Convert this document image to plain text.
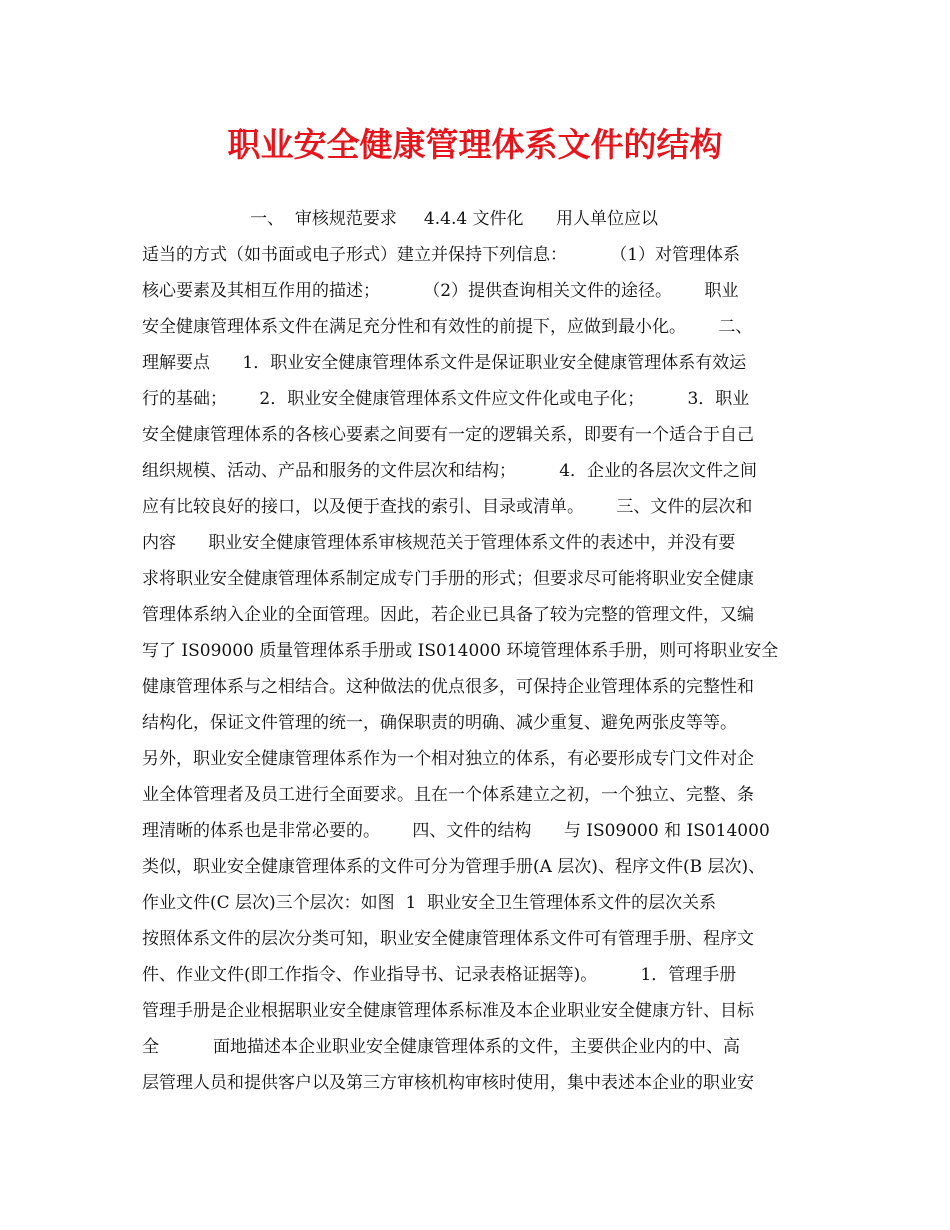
职业安全健康管理体系文件的结构
一、  审核规范要求     4.4.4 文件化      用人单位应以
适当的方式（如书面或电子形式）建立并保持下列信息：        （1）对管理体系
核心要素及其相互作用的描述；        （2）提供查询相关文件的途径。      职业
安全健康管理体系文件在满足充分性和有效性的前提下，应做到最小化。      二、
理解要点      1．职业安全健康管理体系文件是保证职业安全健康管理体系有效运
行的基础；      2．职业安全健康管理体系文件应文件化或电子化；        3．职业
安全健康管理体系的各核心要素之间要有一定的逻辑关系，即要有一个适合于自己
组织规模、活动、产品和服务的文件层次和结构；        4．企业的各层次文件之间
应有比较良好的接口，以及便于查找的索引、目录或清单。      三、文件的层次和
内容      职业安全健康管理体系审核规范关于管理体系文件的表述中，并没有要
求将职业安全健康管理体系制定成专门手册的形式；但要求尽可能将职业安全健康
管理体系纳入企业的全面管理。因此，若企业已具备了较为完整的管理文件，又编
写了 IS09000 质量管理体系手册或 IS014000 环境管理体系手册，则可将职业安全
健康管理体系与之相结合。这种做法的优点很多，可保持企业管理体系的完整性和
结构化，保证文件管理的统一，确保职责的明确、减少重复、避免两张皮等等。
另外，职业安全健康管理体系作为一个相对独立的体系，有必要形成专门文件对企
业全体管理者及员工进行全面要求。且在一个体系建立之初，一个独立、完整、条
理清晰的体系也是非常必要的。      四、文件的结构      与 IS09000 和 IS014000
类似，职业安全健康管理体系的文件可分为管理手册(A 层次)、程序文件(B 层次)、
作业文件(C 层次)三个层次：如图  1  职业安全卫生管理体系文件的层次关系
按照体系文件的层次分类可知，职业安全健康管理体系文件可有管理手册、程序文
件、作业文件(即工作指令、作业指导书、记录表格证据等)。        1．管理手册
管理手册是企业根据职业安全健康管理体系标准及本企业职业安全健康方针、目标
全          面地描述本企业职业安全健康管理体系的文件，主要供企业内的中、高
层管理人员和提供客户以及第三方审核机构审核时使用，集中表述本企业的职业安
